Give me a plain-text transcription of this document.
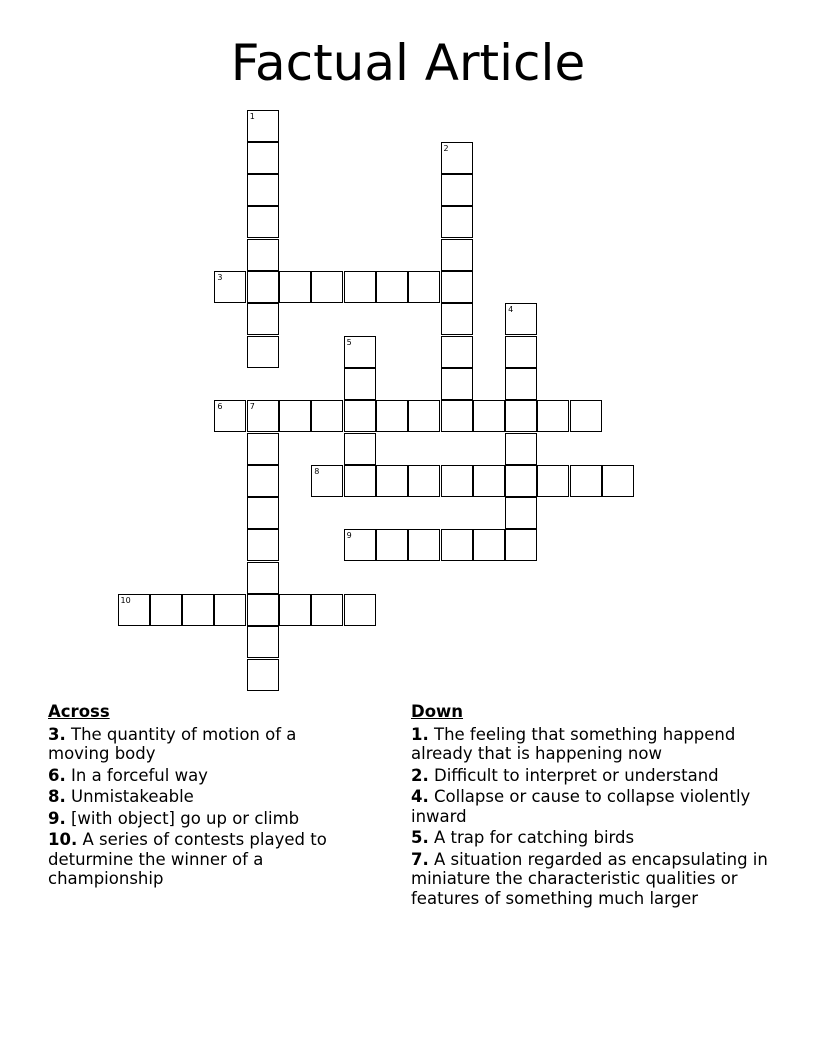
Factual Article
1
2
3
4
5
6	7
8
9
10
Across
3. The quantity of motion of a moving body
6. In a forceful way
8. Unmistakeable
9. [with object] go up or climb
10. A series of contests played to deturmine the winner of a championship
Down
1. The feeling that something happend already that is happening now
2. Difficult to interpret or understand
4. Collapse or cause to collapse violently inward
5. A trap for catching birds
7. A situation regarded as encapsulating in miniature the characteristic qualities or features of something much larger
